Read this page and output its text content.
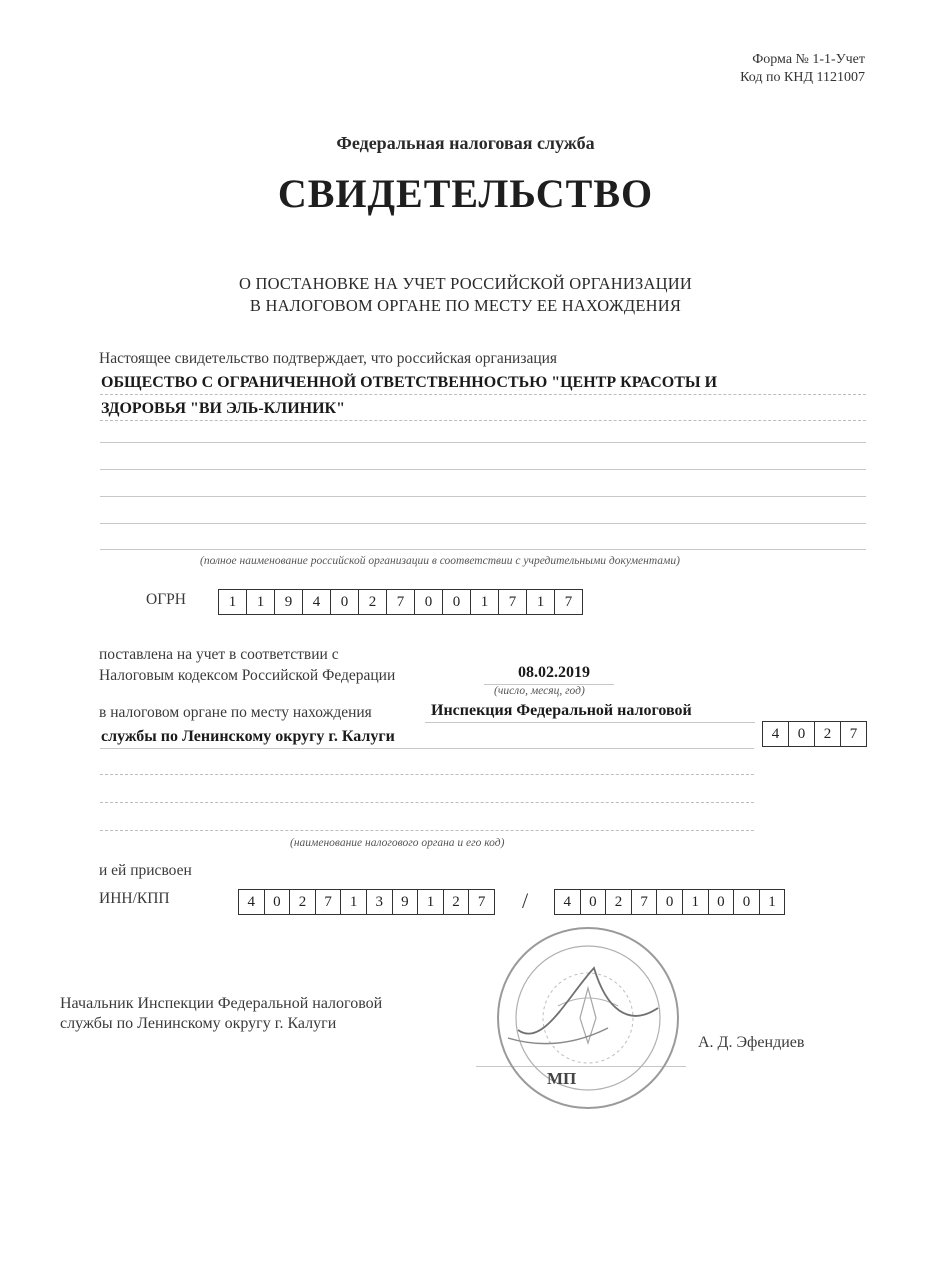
Форма № 1-1-Учет
Код по КНД 1121007
Федеральная налоговая служба
СВИДЕТЕЛЬСТВО
О ПОСТАНОВКЕ НА УЧЕТ РОССИЙСКОЙ ОРГАНИЗАЦИИ
В НАЛОГОВОМ ОРГАНЕ ПО МЕСТУ ЕЕ НАХОЖДЕНИЯ
Настоящее свидетельство подтверждает, что российская организация
ОБЩЕСТВО С ОГРАНИЧЕННОЙ ОТВЕТСТВЕННОСТЬЮ "ЦЕНТР КРАСОТЫ И
ЗДОРОВЬЯ "ВИ ЭЛЬ-КЛИНИК"
(полное наименование российской организации в соответствии с учредительными документами)
ОГРН	1	1	9	4	0	2	7	0	0	1	7	1	7
поставлена на учет в соответствии с
Налоговым кодексом Российской Федерации	08.02.2019
(число, месяц, год)
в налоговом органе по месту нахождения	Инспекция Федеральной налоговой
службы по Ленинскому округу г. Калуги	4	0	2	7
(наименование налогового органа и его код)
и ей присвоен
ИНН/КПП	4	0	2	7	1	3	9	1	2	7	/	4	0	2	7	0	1	0	0	1
Начальник Инспекции Федеральной налоговой
службы по Ленинскому округу г. Калуги
А. Д. Эфендиев
МП
